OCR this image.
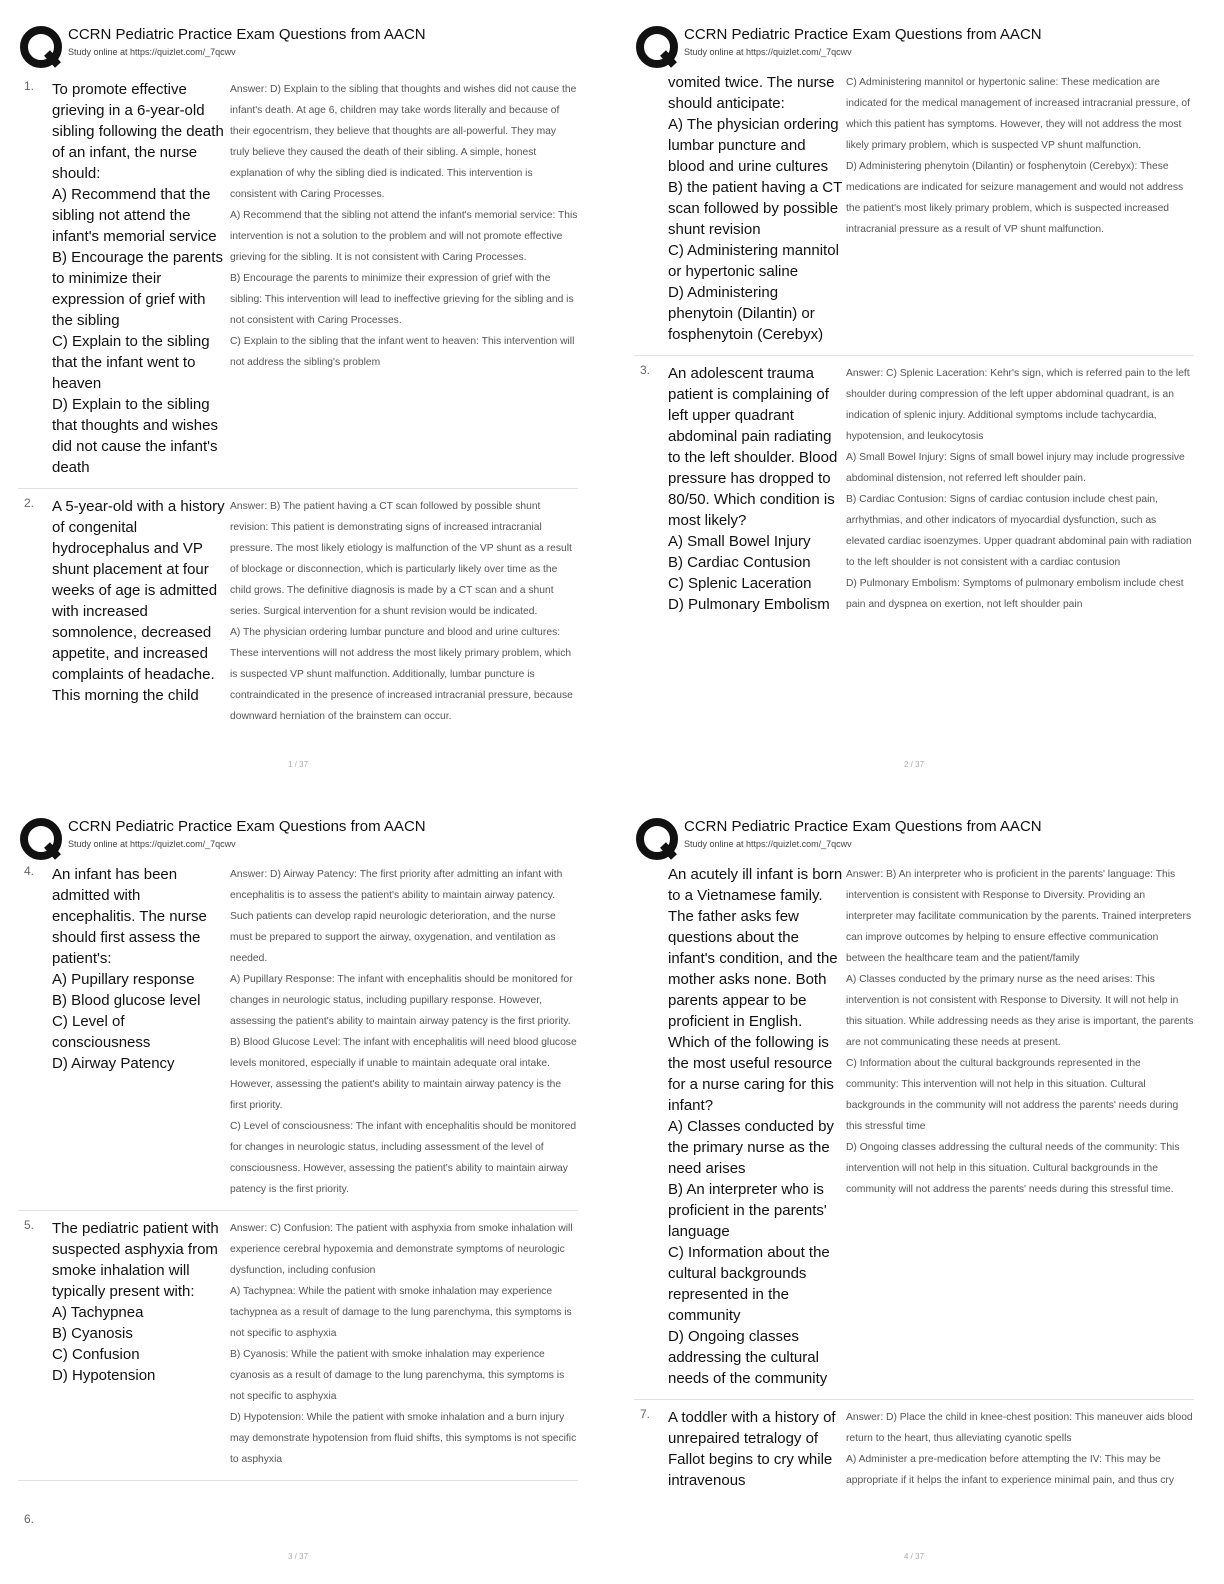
CCRN Pediatric Practice Exam Questions from AACN
Study online at https://quizlet.com/_7qcwv
1.	To promote effective grieving in a 6-year-old sibling following the death of an infant, the nurse should:
A) Recommend that the sibling not attend the infant's memorial service
B) Encourage the parents to minimize their expression of grief with the sibling
C) Explain to the sibling that the infant went to heaven
D) Explain to the sibling that thoughts and wishes did not cause the infant's death
Answer: D) Explain to the sibling that thoughts and wishes did not cause the infant's death. At age 6, children may take words literally and because of their egocentrism, they believe that thoughts are all-powerful. They may truly believe they caused the death of their sibling. A simple, honest explanation of why the sibling died is indicated. This intervention is consistent with Caring Processes.
A) Recommend that the sibling not attend the infant's memorial service: This intervention is not a solution to the problem and will not promote effective grieving for the sibling. It is not consistent with Caring Processes.
B) Encourage the parents to minimize their expression of grief with the sibling: This intervention will lead to ineffective grieving for the sibling and is not consistent with Caring Processes.
C) Explain to the sibling that the infant went to heaven: This intervention will not address the sibling's problem
2.	A 5-year-old with a history of congenital hydrocephalus and VP shunt placement at four weeks of age is admitted with increased somnolence, decreased appetite, and increased complaints of headache. This morning the child
Answer: B) The patient having a CT scan followed by possible shunt revision: This patient is demonstrating signs of increased intracranial pressure. The most likely etiology is malfunction of the VP shunt as a result of blockage or disconnection, which is particularly likely over time as the child grows. The definitive diagnosis is made by a CT scan and a shunt series. Surgical intervention for a shunt revision would be indicated.
A) The physician ordering lumbar puncture and blood and urine cultures: These interventions will not address the most likely primary problem, which is suspected VP shunt malfunction. Additionally, lumbar puncture is contraindicated in the presence of increased intracranial pressure, because downward herniation of the brainstem can occur.
1 / 37
CCRN Pediatric Practice Exam Questions from AACN
Study online at https://quizlet.com/_7qcwv
vomited twice. The nurse should anticipate:
A) The physician ordering lumbar puncture and blood and urine cultures
B) the patient having a CT scan followed by possible shunt revision
C) Administering mannitol or hypertonic saline
D) Administering phenytoin (Dilantin) or fosphenytoin (Cerebyx)
C) Administering mannitol or hypertonic saline: These medication are indicated for the medical management of increased intracranial pressure, of which this patient has symptoms. However, they will not address the most likely primary problem, which is suspected VP shunt malfunction.
D) Administering phenytoin (Dilantin) or fosphenytoin (Cerebyx): These medications are indicated for seizure management and would not address the patient's most likely primary problem, which is suspected increased intracranial pressure as a result of VP shunt malfunction.
3.	An adolescent trauma patient is complaining of left upper quadrant abdominal pain radiating to the left shoulder. Blood pressure has dropped to 80/50. Which condition is most likely?
A) Small Bowel Injury
B) Cardiac Contusion
C) Splenic Laceration
D) Pulmonary Embolism
Answer: C) Splenic Laceration: Kehr's sign, which is referred pain to the left shoulder during compression of the left upper abdominal quadrant, is an indication of splenic injury. Additional symptoms include tachycardia, hypotension, and leukocytosis
A) Small Bowel Injury: Signs of small bowel injury may include progressive abdominal distension, not referred left shoulder pain.
B) Cardiac Contusion: Signs of cardiac contusion include chest pain, arrhythmias, and other indicators of myocardial dysfunction, such as elevated cardiac isoenzymes. Upper quadrant abdominal pain with radiation to the left shoulder is not consistent with a cardiac contusion
D) Pulmonary Embolism: Symptoms of pulmonary embolism include chest pain and dyspnea on exertion, not left shoulder pain
2 / 37
CCRN Pediatric Practice Exam Questions from AACN
Study online at https://quizlet.com/_7qcwv
4.	An infant has been admitted with encephalitis. The nurse should first assess the patient's:
A) Pupillary response
B) Blood glucose level
C) Level of consciousness
D) Airway Patency
Answer: D) Airway Patency: The first priority after admitting an infant with encephalitis is to assess the patient's ability to maintain airway patency. Such patients can develop rapid neurologic deterioration, and the nurse must be prepared to support the airway, oxygenation, and ventilation as needed.
A) Pupillary Response: The infant with encephalitis should be monitored for changes in neurologic status, including pupillary response. However, assessing the patient's ability to maintain airway patency is the first priority.
B) Blood Glucose Level: The infant with encephalitis will need blood glucose levels monitored, especially if unable to maintain adequate oral intake. However, assessing the patient's ability to maintain airway patency is the first priority.
C) Level of consciousness: The infant with encephalitis should be monitored for changes in neurologic status, including assessment of the level of consciousness. However, assessing the patient's ability to maintain airway patency is the first priority.
5.	The pediatric patient with suspected asphyxia from smoke inhalation will typically present with:
A) Tachypnea
B) Cyanosis
C) Confusion
D) Hypotension
Answer: C) Confusion: The patient with asphyxia from smoke inhalation will experience cerebral hypoxemia and demonstrate symptoms of neurologic dysfunction, including confusion
A) Tachypnea: While the patient with smoke inhalation may experience tachypnea as a result of damage to the lung parenchyma, this symptoms is not specific to asphyxia
B) Cyanosis: While the patient with smoke inhalation may experience cyanosis as a result of damage to the lung parenchyma, this symptoms is not specific to asphyxia
D) Hypotension: While the patient with smoke inhalation and a burn injury may demonstrate hypotension from fluid shifts, this symptoms is not specific to asphyxia
6.
3 / 37
CCRN Pediatric Practice Exam Questions from AACN
Study online at https://quizlet.com/_7qcwv
An acutely ill infant is born to a Vietnamese family. The father asks few questions about the infant's condition, and the mother asks none. Both parents appear to be proficient in English. Which of the following is the most useful resource for a nurse caring for this infant?
A) Classes conducted by the primary nurse as the need arises
B) An interpreter who is proficient in the parents' language
C) Information about the cultural backgrounds represented in the community
D) Ongoing classes addressing the cultural needs of the community
Answer: B) An interpreter who is proficient in the parents' language: This intervention is consistent with Response to Diversity. Providing an interpreter may facilitate communication by the parents. Trained interpreters can improve outcomes by helping to ensure effective communication between the healthcare team and the patient/family
A) Classes conducted by the primary nurse as the need arises: This intervention is not consistent with Response to Diversity. It will not help in this situation. While addressing needs as they arise is important, the parents are not communicating these needs at present.
C) Information about the cultural backgrounds represented in the community: This intervention will not help in this situation. Cultural backgrounds in the community will not address the parents' needs during this stressful time
D) Ongoing classes addressing the cultural needs of the community: This intervention will not help in this situation. Cultural backgrounds in the community will not address the parents' needs during this stressful time.
7.	A toddler with a history of unrepaired tetralogy of Fallot begins to cry while intravenous
Answer: D) Place the child in knee-chest position: This maneuver aids blood return to the heart, thus alleviating cyanotic spells
A) Administer a pre-medication before attempting the IV: This may be appropriate if it helps the infant to experience minimal pain, and thus cry
4 / 37
